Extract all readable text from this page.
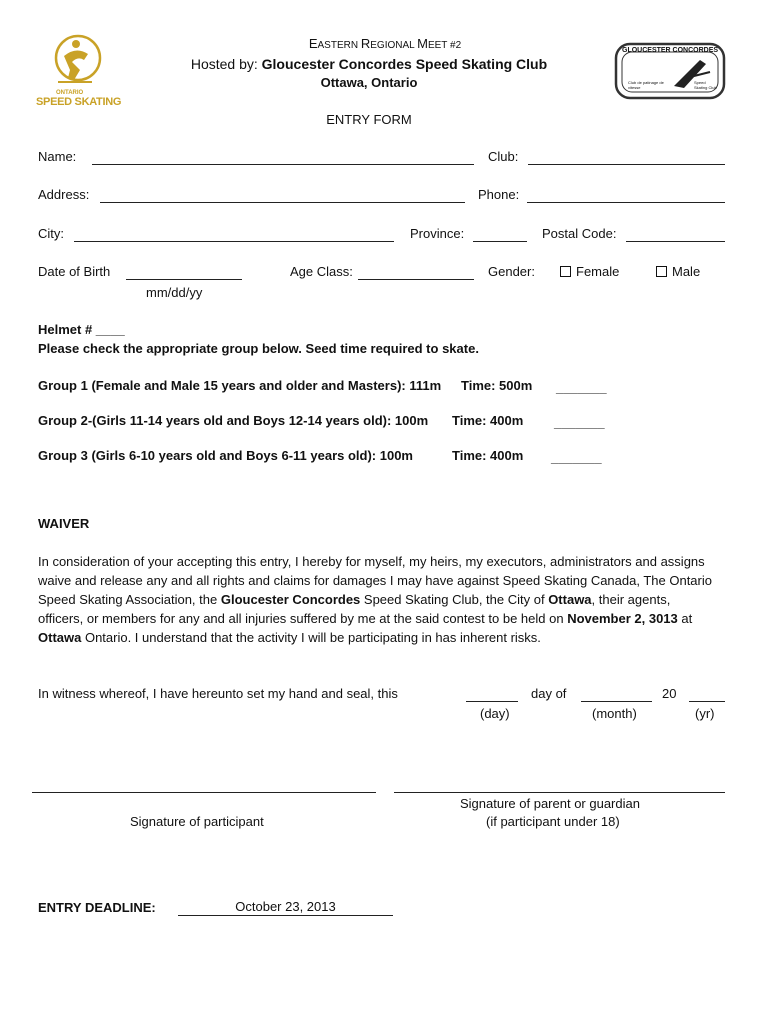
ONTARIO
SPEED SKATING
GLOUCESTER CONCORDES
Club de patinage de vitesse
Speed Skating Club
EASTERN REGIONAL MEET #2
Hosted by: Gloucester Concordes Speed Skating Club
Ottawa, Ontario
ENTRY FORM
Name:	Club:
Address:	Phone:
City:	Province:	Postal Code:
Date of Birth
mm/dd/yy
Age Class:	Gender:	Female	Male
Helmet # ____
Please check the appropriate group below. Seed time required to skate.
Group 1 (Female and Male 15 years and older and Masters): 111m Time: 500m _______
Group 2-(Girls 11-14 years old and Boys 12-14 years old): 100m Time: 400m _______
Group 3 (Girls 6-10 years old and Boys 6-11 years old): 100m	Time: 400m _______
WAIVER
In consideration of your accepting this entry, I hereby for myself, my heirs, my executors, administrators and assigns waive and release any and all rights and claims for damages I may have against Speed Skating Canada, The Ontario Speed Skating Association, the Gloucester Concordes Speed Skating Club, the City of Ottawa, their agents, officers, or members for any and all injuries suffered by me at the said contest to be held on November 2, 3013 at Ottawa Ontario. I understand that the activity I will be participating in has inherent risks.
In witness whereof, I have hereunto set my hand and seal, this	day of	20
(day)	(month)	(yr)
Signature of participant
Signature of parent or guardian
(if participant under 18)
ENTRY DEADLINE:	October 23, 2013
